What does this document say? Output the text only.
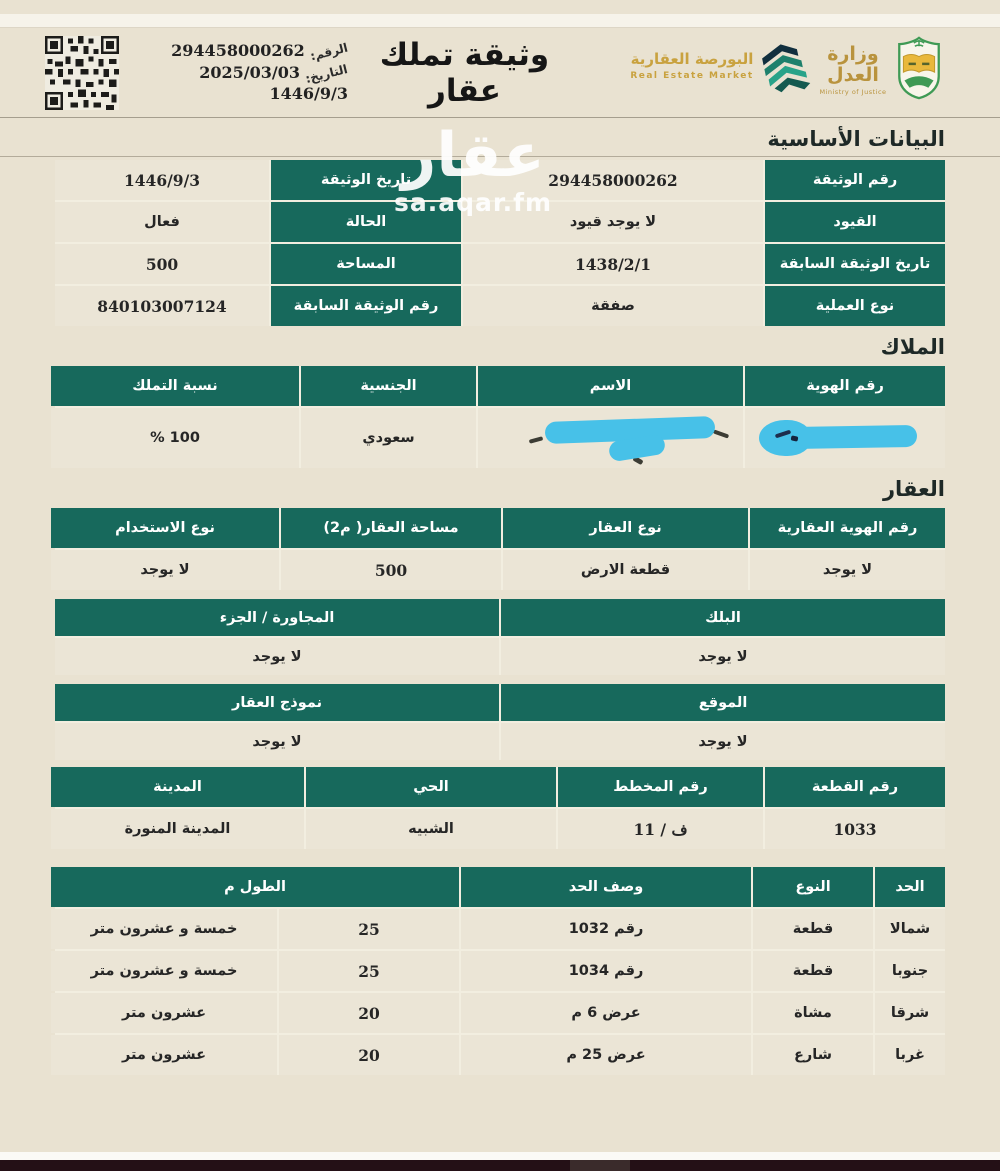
الرقم: 294458000262
التاريخ: 2025/03/03
1446/9/3
وثيقة تملك عقار
البورصة العقارية
Real Estate Market
وزارة العدل
Ministry of Justice
البيانات الأساسية
رقم الوثيقة
294458000262
تاريخ الوثيقة
1446/9/3
القيود
لا يوجد قيود
الحالة
فعال
تاريخ الوثيقة السابقة
1438/2/1
المساحة
500
نوع العملية
صفقة
رقم الوثيقة السابقة
840103007124
الملاك
رقم الهوية
الاسم
الجنسية
نسبة التملك
سعودي
100 %
العقار
رقم الهوية العقارية
نوع العقار
مساحة العقار( م2)
نوع الاستخدام
لا يوجد
قطعة الارض
500
لا يوجد
البلك
المجاورة / الجزء
لا يوجد
لا يوجد
الموقع
نموذج العقار
لا يوجد
لا يوجد
رقم القطعة
رقم المخطط
الحي
المدينة
1033
ف / 11
الشبيه
المدينة المنورة
الحد
النوع
وصف الحد
الطول م
شمالا
قطعة
رقم 1032
25
خمسة و عشرون متر
جنوبا
قطعة
رقم 1034
25
خمسة و عشرون متر
شرقا
مشاة
عرض 6 م
20
عشرون متر
غربا
شارع
عرض 25 م
20
عشرون متر
عقار
sa.aqar.fm
